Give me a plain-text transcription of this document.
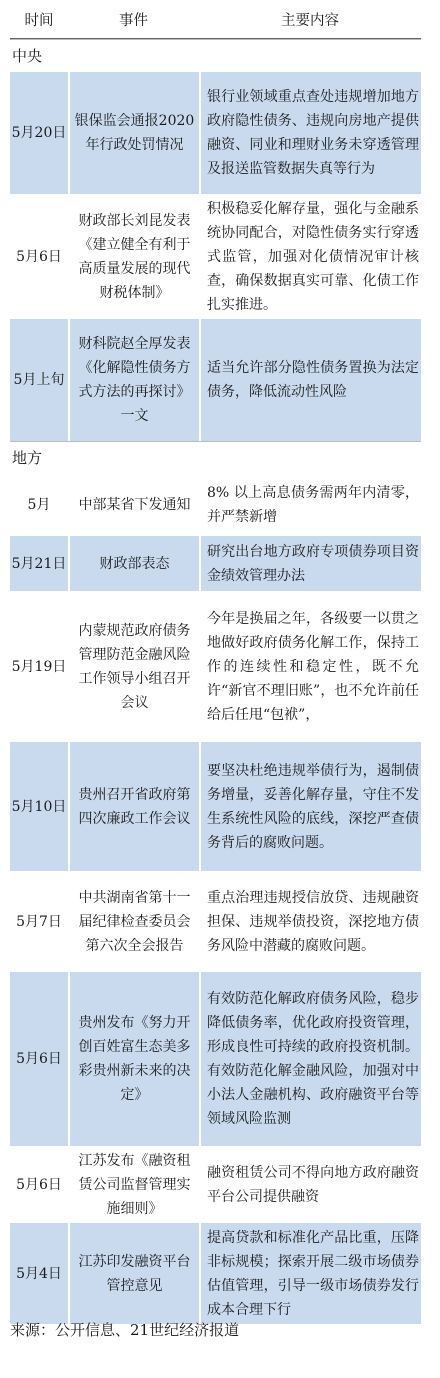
时间	事件	主要内容
中央		
5月20日	银保监会通报2020年行政处罚情况	银行业领域重点查处违规增加地方政府隐性债务、违规向房地产提供融资、同业和理财业务未穿透管理及报送监管数据失真等行为
5月6日	财政部长刘昆发表《建立健全有利于高质量发展的现代财税体制》	积极稳妥化解存量，强化与金融系统协同配合，对隐性债务实行穿透式监管，加强对化债情况审计核查，确保数据真实可靠、化债工作扎实推进。
5月上旬	财科院赵全厚发表《化解隐性债务方式方法的再探讨》一文	适当允许部分隐性债务置换为法定债务，降低流动性风险
地方		
5月	中部某省下发通知	8% 以上高息债务需两年内清零，并严禁新增
5月21日	财政部表态	研究出台地方政府专项债券项目资金绩效管理办法
5月19日	内蒙规范政府债务管理防范金融风险工作领导小组召开会议	今年是换届之年，各级要一以贯之地做好政府债务化解工作，保持工作的连续性和稳定性，既不允许“新官不理旧账”，也不允许前任给后任甩“包袱”，
5月10日	贵州召开省政府第四次廉政工作会议	要坚决杜绝违规举债行为，遏制债务增量，妥善化解存量，守住不发生系统性风险的底线，深挖严查债务背后的腐败问题。
5月7日	中共湖南省第十一届纪律检查委员会第六次全会报告	重点治理违规授信放贷、违规融资担保、违规举债投资，深挖地方债务风险中潜藏的腐败问题。
5月6日	贵州发布《努力开创百姓富生态美多彩贵州新未来的决定》	有效防范化解政府债务风险，稳步降低债务率，优化政府投资管理，形成良性可持续的政府投资机制。有效防范化解金融风险，加强对中小法人金融机构、政府融资平台等领域风险监测
5月6日	江苏发布《融资租赁公司监督管理实施细则》	融资租赁公司不得向地方政府融资平台公司提供融资
5月4日	江苏印发融资平台管控意见	提高贷款和标准化产品比重，压降非标规模；探索开展二级市场债券估值管理，引导一级市场债券发行成本合理下行
来源：公开信息、21世纪经济报道
